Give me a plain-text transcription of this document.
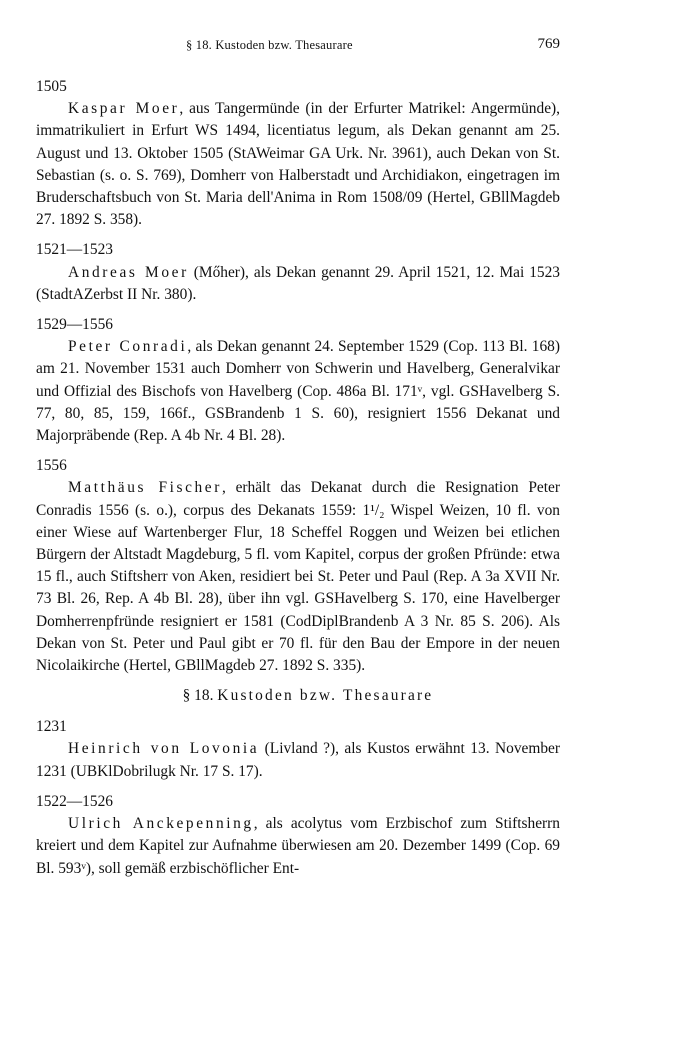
§ 18. Kustoden bzw. Thesaurare	769
1505
Kaspar Moer, aus Tangermünde (in der Erfurter Matrikel: Angermünde), immatrikuliert in Erfurt WS 1494, licentiatus legum, als Dekan genannt am 25. August und 13. Oktober 1505 (StAWeimar GA Urk. Nr. 3961), auch Dekan von St. Sebastian (s. o. S. 769), Domherr von Halberstadt und Archidiakon, eingetragen im Bruderschaftsbuch von St. Maria dell'Anima in Rom 1508/09 (Hertel, GBllMagdeb 27. 1892 S. 358).
1521—1523
Andreas Moer (Mőher), als Dekan genannt 29. April 1521, 12. Mai 1523 (StadtAZerbst II Nr. 380).
1529—1556
Peter Conradi, als Dekan genannt 24. September 1529 (Cop. 113 Bl. 168) am 21. November 1531 auch Domherr von Schwerin und Havelberg, Generalvikar und Offizial des Bischofs von Havelberg (Cop. 486a Bl. 171ᵛ, vgl. GSHavelberg S. 77, 80, 85, 159, 166f., GSBrandenb 1 S. 60), resigniert 1556 Dekanat und Majorpräbende (Rep. A 4b Nr. 4 Bl. 28).
1556
Matthäus Fischer, erhält das Dekanat durch die Resignation Peter Conradis 1556 (s. o.), corpus des Dekanats 1559: 1¹/₂ Wispel Weizen, 10 fl. von einer Wiese auf Wartenberger Flur, 18 Scheffel Roggen und Weizen bei etlichen Bürgern der Altstadt Magdeburg, 5 fl. vom Kapitel, corpus der großen Pfründe: etwa 15 fl., auch Stiftsherr von Aken, residiert bei St. Peter und Paul (Rep. A 3a XVII Nr. 73 Bl. 26, Rep. A 4b Bl. 28), über ihn vgl. GSHavelberg S. 170, eine Havelberger Domherrenpfründe resigniert er 1581 (CodDiplBrandenb A 3 Nr. 85 S. 206). Als Dekan von St. Peter und Paul gibt er 70 fl. für den Bau der Empore in der neuen Nicolaikirche (Hertel, GBllMagdeb 27. 1892 S. 335).
§ 18. Kustoden bzw. Thesaurare
1231
Heinrich von Lovonia (Livland ?), als Kustos erwähnt 13. November 1231 (UBKlDobrilugk Nr. 17 S. 17).
1522—1526
Ulrich Anckepenning, als acolytus vom Erzbischof zum Stiftsherrn kreiert und dem Kapitel zur Aufnahme überwiesen am 20. Dezember 1499 (Cop. 69 Bl. 593ᵛ), soll gemäß erzbischöflicher Ent-
